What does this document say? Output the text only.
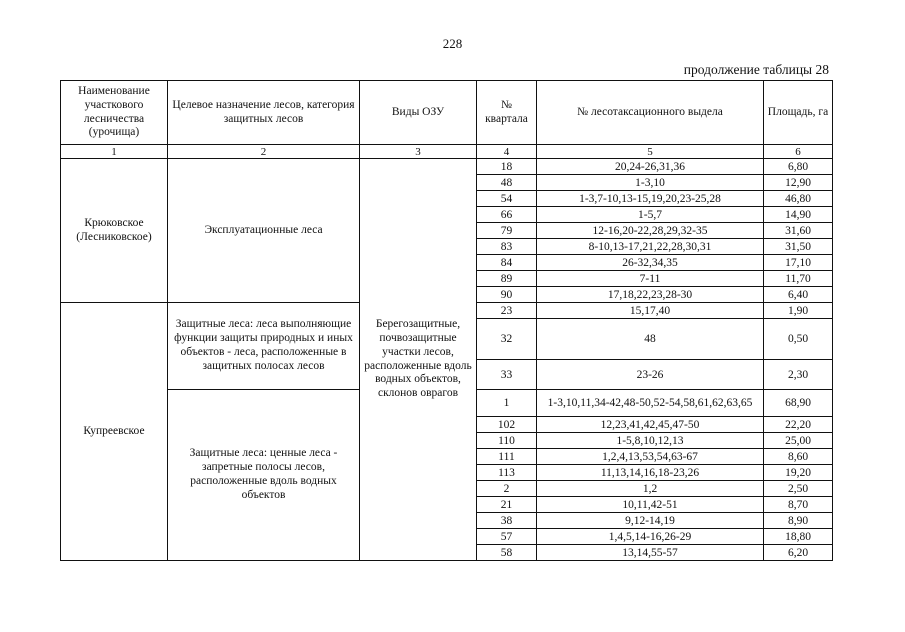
228
продолжение таблицы 28
Наименование участкового лесничества (урочища)	Целевое назначение лесов, категория защитных лесов	Виды ОЗУ	№ квартала	№ лесотаксационного выдела	Площадь, га
1	2	3	4	5	6
Крюковское (Лесниковское)	Эксплуатационные леса	Берегозащитные, почвозащитные участки лесов, расположенные вдоль водных объектов, склонов оврагов	18	20,24-26,31,36	6,80
			48	1-3,10	12,90
			54	1-3,7-10,13-15,19,20,23-25,28	46,80
			66	1-5,7	14,90
			79	12-16,20-22,28,29,32-35	31,60
			83	8-10,13-17,21,22,28,30,31	31,50
			84	26-32,34,35	17,10
			89	7-11	11,70
			90	17,18,22,23,28-30	6,40
Купреевское	Защитные леса: леса выполняющие функции защиты природных и иных объектов - леса, расположенные в защитных полосах лесов		23	15,17,40	1,90
			32	48	0,50
			33	23-26	2,30
	Защитные леса: ценные леса - запретные полосы лесов, расположенные вдоль водных объектов		1	1-3,10,11,34-42,48-50,52-54,58,61,62,63,65	68,90
			102	12,23,41,42,45,47-50	22,20
			110	1-5,8,10,12,13	25,00
			111	1,2,4,13,53,54,63-67	8,60
			113	11,13,14,16,18-23,26	19,20
			2	1,2	2,50
			21	10,11,42-51	8,70
			38	9,12-14,19	8,90
			57	1,4,5,14-16,26-29	18,80
			58	13,14,55-57	6,20
